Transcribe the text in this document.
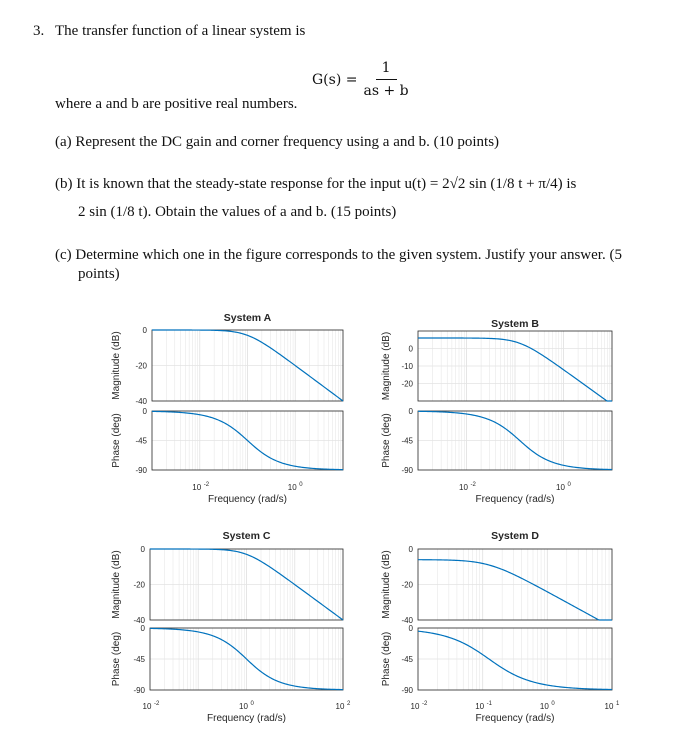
3. The transfer function of a linear system is
$G(s) = \frac{1}{as + b}$
where a and b are positive real numbers.
(a) Represent the DC gain and corner frequency using a and b. (10 points)
(b) It is known that the steady-state response for the input u(t) = 2√2 sin (1/8 t + π/4) is
2 sin (1/8 t). Obtain the values of a and b. (15 points)
(c) Determine which one in the figure corresponds to the given system. Justify your answer. (5
points)
System A
0
-20
-40
0
-45
-90
10 -2	10 0
Frequency (rad/s)
Magnitude (dB)
Phase (deg)
System B
0
-10
-20
0
-45
-90
10 -2	10 0
Frequency (rad/s)
Magnitude (dB)
Phase (deg)
System C
0
-20
-40
0
-45
-90
10 -2	10 0	10 2
Frequency (rad/s)
Magnitude (dB)
Phase (deg)
System D
0
-20
-40
0
-45
-90
10 -2	10 -1	10 0	10 1
Frequency (rad/s)
Magnitude (dB)
Phase (deg)
